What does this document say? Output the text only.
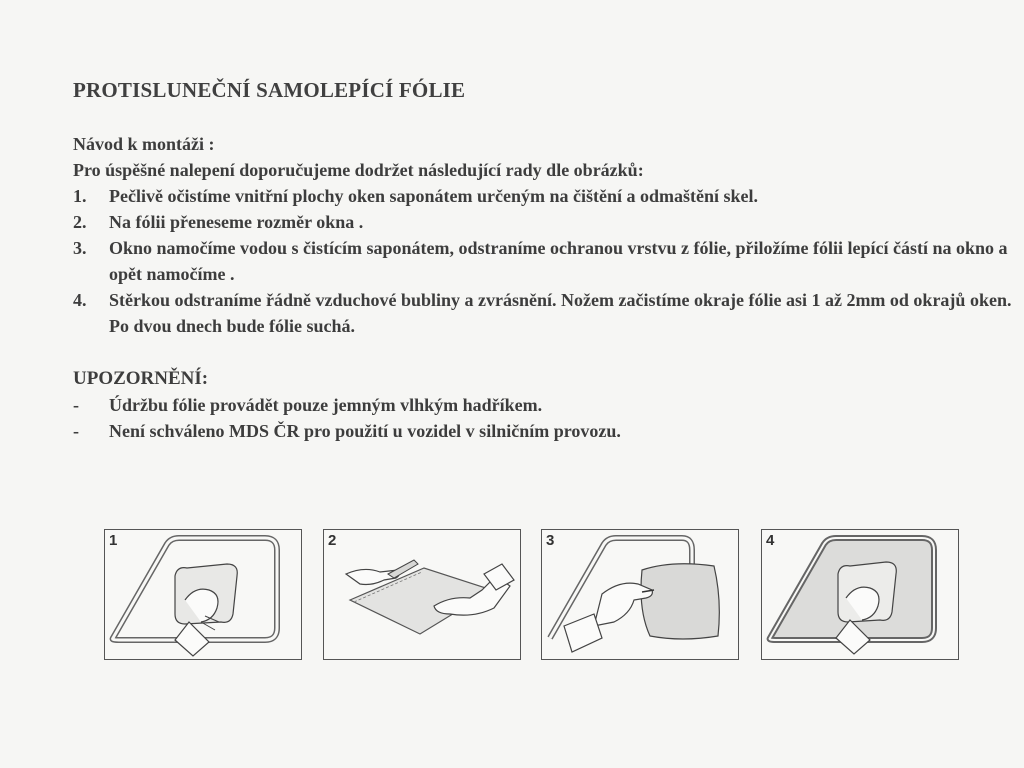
PROTISLUNEČNÍ SAMOLEPÍCÍ FÓLIE
Návod k montáži :
Pro úspěšné nalepení doporučujeme dodržet následující rady dle obrázků:
1. Pečlivě očistíme vnitřní plochy oken saponátem určeným na čištění a odmaštění skel.
2. Na fólii přeneseme rozměr okna .
3. Okno namočíme vodou s čistícím saponátem, odstraníme ochranou vrstvu z fólie, přiložíme fólii lepící částí na okno a opět namočíme .
4. Stěrkou odstraníme řádně vzduchové bubliny a zvrásnění. Nožem začistíme okraje fólie asi 1 až 2mm od okrajů oken. Po dvou dnech bude fólie suchá.
UPOZORNĚNÍ:
- Údržbu fólie provádět pouze jemným vlhkým hadříkem.
- Není schváleno MDS ČR pro použití u vozidel v silničním provozu.
1	2	3	4
